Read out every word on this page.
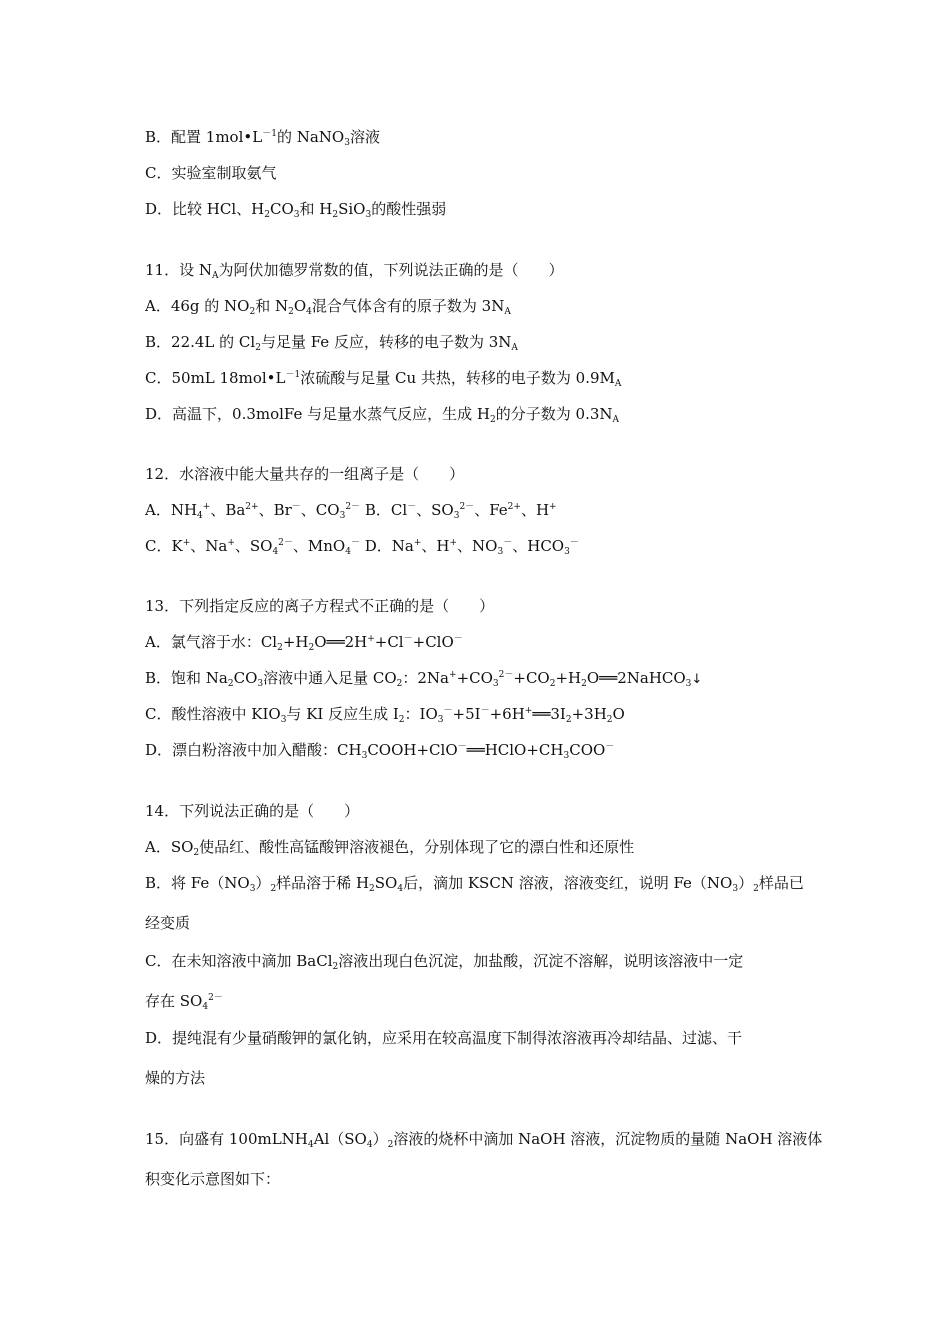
B．配置 $1mol•L^{-1}$的 NaNO$_3$溶液
C．实验室制取氨气
D．比较 HCl、$H_2CO_3$和 $H_2SiO_3$的酸性强弱
11．设 $N_A$为阿伏加德罗常数的值，下列说法正确的是（　　）
A．46g 的 $NO_2$和 $N_2O_4$混合气体含有的原子数为 $3N_A$
B．22.4L 的 $Cl_2$与足量 Fe 反应，转移的电子数为 $3N_A$
C．50mL $18mol•L^{-1}$浓硫酸与足量 Cu 共热，转移的电子数为 $0.9M_A$
D．高温下，0.3molFe 与足量水蒸气反应，生成 $H_2$的分子数为 $0.3N_A$
12．水溶液中能大量共存的一组离子是（　　）
A．$NH_4^+$、$Ba^{2+}$、Br－、$CO_3^{2-}$ B．Cl－、$SO_3^{2-}$、$Fe^{2+}$、H+
C．K+、Na+、$SO_4^{2-}$、MnO$_4$－ D．Na+、H+、$NO_3^-$、$HCO_3^-$
13．下列指定反应的离子方程式不正确的是（　　）
A．氯气溶于水：$Cl_2+H_2O══2H^++Cl^-+ClO^-$
B．饱和 $Na_2CO_3$溶液中通入足量 $CO_2$：$2Na^++CO_3^{2-}+CO_2+H_2O══2NaHCO_3↓$
C．酸性溶液中 $KIO_3$与 KI 反应生成 $I_2$：$IO_3^-+5I^-+6H^+══3I_2+3H_2O$
D．漂白粉溶液中加入醋酸：$CH_3COOH+ClO^-══HClO+CH_3COO^-$
14．下列说法正确的是（　　）
A．$SO_2$使品红、酸性高锰酸钾溶液褪色，分别体现了它的漂白性和还原性
B．将 $Fe(NO_3)_2$样品溶于稀 $H_2SO_4$后，滴加 KSCN 溶液，溶液变红，说明 $Fe(NO_3)_2$样品已
经变质
C．在未知溶液中滴加 BaCl$_2$溶液出现白色沉淀，加盐酸，沉淀不溶解，说明该溶液中一定
存在 $SO_4^{2-}$
D．提纯混有少量硝酸钾的氯化钠，应采用在较高温度下制得浓溶液再冷却结晶、过滤、干
燥的方法
15．向盛有 $100mLNH_4Al(SO_4)_2$溶液的烧杯中滴加 NaOH 溶液，沉淀物质的量随 NaOH 溶液体
积变化示意图如下：
